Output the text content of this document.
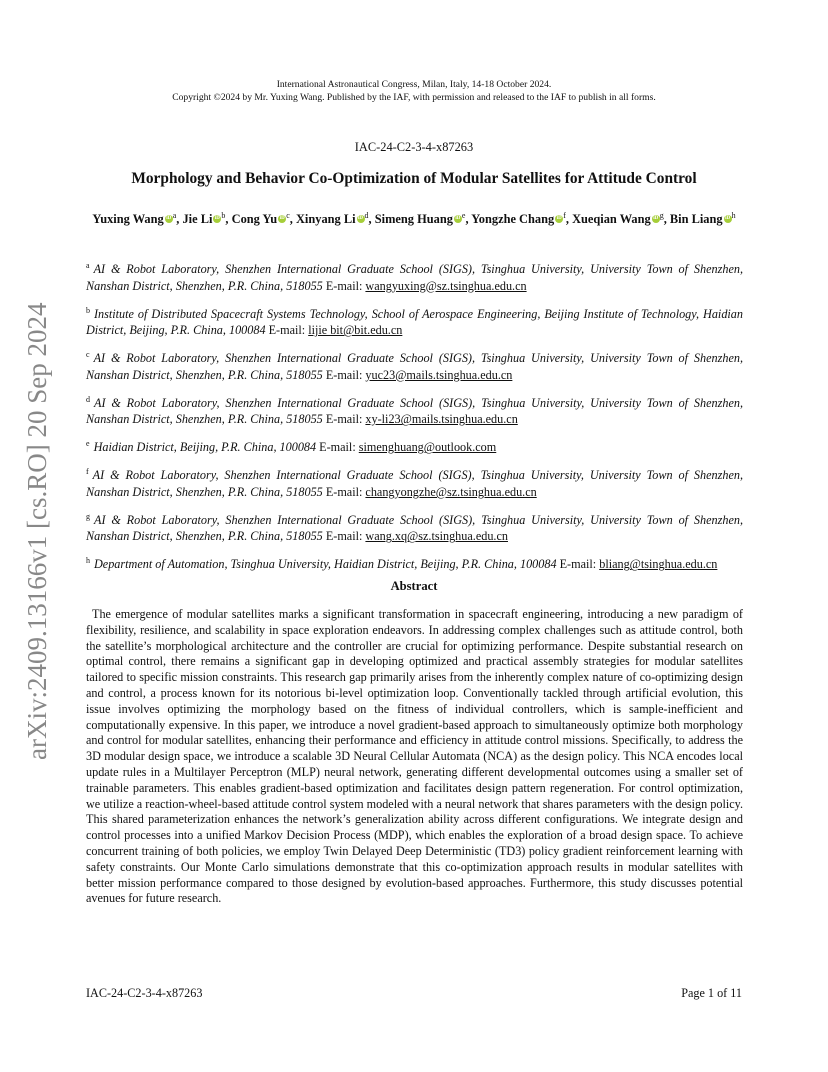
International Astronautical Congress, Milan, Italy, 14-18 October 2024.
Copyright ©2024 by Mr. Yuxing Wang. Published by the IAF, with permission and released to the IAF to publish in all forms.
IAC-24-C2-3-4-x87263
Morphology and Behavior Co-Optimization of Modular Satellites for Attitude Control
Yuxing Wang iD $^a$, Jie Li iD $^b$, Cong Yu iD $^c$, Xinyang Li iD $^d$, Simeng Huang iD $^e$, Yongzhe Chang iD $^f$, Xueqian Wang iD $^g$, Bin Liang iD $^h$
$^a$ AI & Robot Laboratory, Shenzhen International Graduate School (SIGS), Tsinghua University, University Town of Shenzhen, Nanshan District, Shenzhen, P.R. China, 518055 E-mail: wangyuxing@sz.tsinghua.edu.cn
$^b$ Institute of Distributed Spacecraft Systems Technology, School of Aerospace Engineering, Beijing Institute of Technology, Haidian District, Beijing, P.R. China, 100084 E-mail: lijie bit@bit.edu.cn
$^c$ AI & Robot Laboratory, Shenzhen International Graduate School (SIGS), Tsinghua University, University Town of Shenzhen, Nanshan District, Shenzhen, P.R. China, 518055 E-mail: yuc23@mails.tsinghua.edu.cn
$^d$ AI & Robot Laboratory, Shenzhen International Graduate School (SIGS), Tsinghua University, University Town of Shenzhen, Nanshan District, Shenzhen, P.R. China, 518055 E-mail: xy-li23@mails.tsinghua.edu.cn
$^e$ Haidian District, Beijing, P.R. China, 100084 E-mail: simenghuang@outlook.com
$^f$ AI & Robot Laboratory, Shenzhen International Graduate School (SIGS), Tsinghua University, University Town of Shenzhen, Nanshan District, Shenzhen, P.R. China, 518055 E-mail: changyongzhe@sz.tsinghua.edu.cn
$^g$ AI & Robot Laboratory, Shenzhen International Graduate School (SIGS), Tsinghua University, University Town of Shenzhen, Nanshan District, Shenzhen, P.R. China, 518055 E-mail: wang.xq@sz.tsinghua.edu.cn
$^h$ Department of Automation, Tsinghua University, Haidian District, Beijing, P.R. China, 100084 E-mail: bliang@tsinghua.edu.cn
Abstract
The emergence of modular satellites marks a significant transformation in spacecraft engineering, introducing a new paradigm of flexibility, resilience, and scalability in space exploration endeavors. In addressing complex challenges such as attitude control, both the satellite’s morphological architecture and the controller are crucial for optimizing performance. Despite substantial research on optimal control, there remains a significant gap in developing optimized and practical assembly strategies for modular satellites tailored to specific mission constraints. This research gap primarily arises from the inherently complex nature of co-optimizing design and control, a process known for its notorious bi-level optimization loop. Conventionally tackled through artificial evolution, this issue involves optimizing the morphology based on the fitness of individual controllers, which is sample-inefficient and computationally expensive. In this paper, we introduce a novel gradient-based approach to simultaneously optimize both morphology and control for modular satellites, enhancing their performance and efficiency in attitude control missions. Specifically, to address the 3D modular design space, we introduce a scalable 3D Neural Cellular Automata (NCA) as the design policy. This NCA encodes local update rules in a Multilayer Perceptron (MLP) neural network, generating different developmental outcomes using a smaller set of trainable parameters. This enables gradient-based optimization and facilitates design pattern regeneration. For control optimization, we utilize a reaction-wheel-based attitude control system modeled with a neural network that shares parameters with the design policy. This shared parameterization enhances the network’s generalization ability across different configurations. We integrate design and control processes into a unified Markov Decision Process (MDP), which enables the exploration of a broad design space. To achieve concurrent training of both policies, we employ Twin Delayed Deep Deterministic (TD3) policy gradient reinforcement learning with safety constraints. Our Monte Carlo simulations demonstrate that this co-optimization approach results in modular satellites with better mission performance compared to those designed by evolution-based approaches. Furthermore, this study discusses potential avenues for future research.
IAC-24-C2-3-4-x87263	Page 1 of 11
arXiv:2409.13166v1 [cs.RO] 20 Sep 2024
